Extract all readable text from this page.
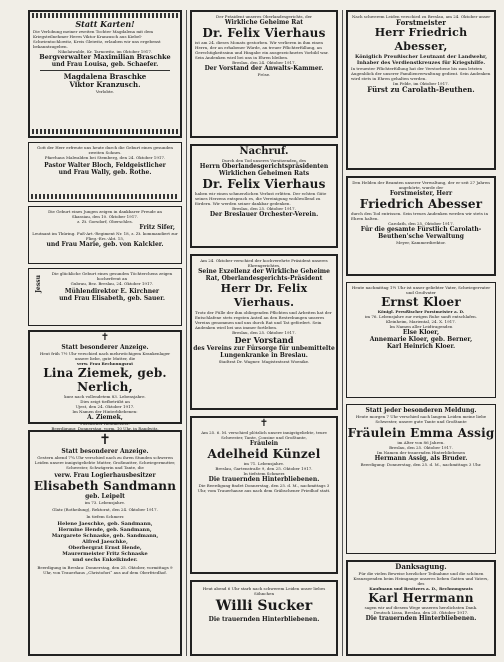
Statt Karten!
Die Verlobung meiner zweiten Tochter Magdalena mit dem Kriegsteilnehmer Herrn Viktor Kranzusch aus Kiebel-Schwientochlowitz, Kreis Gleiwitz, erlauben wir uns ergebenst bekanntzugeben.
Nikolaiwalde, Kr. Tarnowitz, im Oktober 1917.
Bergverwalter Maximilian Braschke
und Frau Louisa, geb. Schaefer.
Magdalena Braschke
Viktor Kranzusch.
Verlobte.
Gott der Herr erfreute uns heute durch die Geburt eines gesunden zweiten Sohnes.
Pfarrhaus Malwalden bei Stemberg, den 24. Oktober 1917.
Pastor Walter Bloch, Feldgeistlicher
und Frau Wally, geb. Rothe.
Die Geburt eines Jungen zeigen in dankbarer Freude an
Skassiau, den 10. Oktober 1917.
z. Zt. Gorsdorf, Oberschles.
Fritz Sifer,
Leutnant im Thüring. Fuß-Art.-Regiment Nr. 18, z. Zt. kommandiert zur Flieg.-Ers.-Abt. 15,
und Frau Marie, geb. von Kalckler.
Jessu
Die glückliche Geburt eines gesunden Töchterchens zeigen hocherfreut an
Gubrau, Bez. Breslau, 24. Oktober 1917.
Mühlendirektor E. Kirchner
und Frau Elisabeth, geb. Sauer.
✝
Statt besonderer Anzeige.
Heut früh 7½ Uhr verschied nach mehrwöchigem Krankenlager unsere liebe, gute Mutter, die
verw. Frau Rechnungsrat
Lina Ziemek, geb. Nerlich,
kurz nach vollendetem 83. Lebensjahre.
Dies zeigt tiefbetrübt an
Ujest, den 24. Oktober 1917.
Im Namen der Hinterbliebenen:
A. Ziemek,
Fürstlicher Rentmeister.
Beerdigung: Donnerstag, vorm. 10 Uhr, in Randwitz.
✝
Statt besonderer Anzeige.
Gestern abend 7¾ Uhr verschied nach zu ihren Stunden schweren Leiden unsere innigstgeliebte Mutter, Großmutter, Schwiegermutter, Schwester, Schwägerin und Tante, die
verw. Frau Logierhausbesitzer
Elisabeth Sandmann
geb. Leipelt
im 73. Lebensjahre.
Glatz (Rotheilung), Rektorat, den 24. Oktober 1917.
In tiefem Schmerz
Helene Jaeschke, geb. Sandmann,
Hermine Hende, geb. Sandmann,
Margarete Schnaske, geb. Sandmann,
Alfred Jaeschke,
Oberbergrat Ernst Hende,
Maurermeister Fritz Schnaske
und sechs Enkelkinder.
Beerdigung in Breslau: Donnerstag, den 25. Oktober, vormittags 9 Uhr, von Trauerhaus „Christofori“ aus auf dem Oberfriedhof.
Der Präsident unseres Oberlandesgerichts, der
Wirkliche Geheime Rat
Dr. Felix Vierhaus
ist am 24. dieses Monats gestorben. Wir verlieren in ihm einen Herrn, der an erhabener Würde, an treuer Pflichterfüllung, an Gerechtigkeitssinn und Hingabe ein ausgezeichnetes Vorbild war. Sein Andenken wird bei uns in Ehren bleiben.
Breslau, den 24. Oktober 1917.
Der Vorstand der Anwalts-Kammer.
Fröse.
Nachruf.
Durch den Tod unseres Vorsitzenden, des
Herrn Oberlandesgerichtspräsidenten Wirklichen Geheimen Rats
Dr. Felix Vierhaus
haben wir einen schmerzlichen Verlust erlitten. Der echten Güte seines Herzens entsprach es, die Vereinigung wohlwollend zu fördern. Wir werden seiner dankbar gedenken.
Breslau, den 25. Oktober 1917.
Der Breslauer Orchester-Verein.
Am 24. Oktober verschied der hochverehrte Präsident unseres Ehrengerichtes,
Seine Exzellenz der Wirkliche Geheime Rat, Oberlandesgerichts-Präsident
Herr Dr. Felix Vierhaus.
Trotz der Fülle der ihm obliegenden Pflichten und Arbeiten hat der Entschlafene stets regsten Anteil an den Bestrebungen unseres Vereins genommen und uns durch Rat und Tat gefördert. Sein Andenken wird bei uns immer fortleben.
Breslau, den 25. Oktober 1917.
Der Vorstand
des Vereins zur Fürsorge für unbemittelte Lungenkranke in Breslau.
Stadtrat Dr. Wagner. Magistratsrat Woenike.
✝
Am 25. 6. M. verschied plötzlich unsere innigstgeliebte, teure Schwester, Tante, Cousine und Großtante,
Fräulein
Adelheid Künzel
im 71. Lebensjahre.
Breslau, Gartenstraße 9, den 25. Oktober 1917.
In tiefstem Schmerz
Die trauernden Hinterbliebenen.
Die Beerdigung findet Donnerstag, den 25. d. M., nachmittags 3 Uhr, vom Trauerhause aus nach dem Gräbschener Friedhof statt.
Heut abend 6 Uhr starb nach schwerem Leiden unser liebes Söhnchen
Willi Sucker
Die trauernden Hinterbliebenen.
Nach schwerem Leiden verschied zu Breslau, am 24. Oktober unser
Forstmeister
Herr Friedrich Abesser,
Königlich Preußischer Leutnant der Landwehr,
Inhaber des Verdienstkreuzes für Kriegshilfe.
In treuester Pflichterfüllung hat der Verstorbene bis zum letzten Augenblick der unserer Familienverwaltung gedient. Sein Andenken wird stets in Ehren gehalten werden.
Im Felde, im Oktober 1917.
Fürst zu Carolath-Beuthen.
Den Helden der Beamten unserer Verwaltung, der er seit 27 Jahren angehörte, wurde der
Forstmeister, Herr
Friedrich Abesser
durch den Tod entrissen. Sein treues Andenken werden wir stets in Ehren halten.
Carolath, den 25. Oktober 1917.
Für die gesamte Fürstlich Carolath-Beuthen'sche Verwaltung
Meyer, Kammerdirektor.
Heute nachmittag 1½ Uhr ist unser geliebter Vater, Schwiegervater und Großvater
Ernst Kloer
Königl. Preußischer Forstmeister a. D.
im 76. Lebensjahre zur ewigen Ruhe sanft entschlafen.
Kleinheim, Mariental, 24. X. 1917.
Im Namen aller Leidtragenden
Else Kloer,
Annemarie Kloer, geb. Berner,
Karl Heinrich Kloer.
Statt jeder besonderen Meldung.
Heute morgen 7 Uhr verschied nach langem Leiden meine liebe Schwester, unsere gute Tante und Großtante
Fräulein Emma Assig
im Alter von 86 Jahren.
Breslau, den 25. Oktober 1917.
Im Namen der trauernden Hinterbliebenen
Hermann Assig, als Bruder.
Beerdigung: Donnerstag, den 25. d. M., nachmittags 3 Uhr.
Danksagung.
Für die vielen Beweise herzlicher Teilnahme und die schönen Kranzspenden beim Heimgange unseres lieben Gatten und Vaters, des
Kaufmann und Besitzers a. D., Rechnungsrats
Karl Herrmann
sagen wir auf diesem Wege unseren herzlichsten Dank.
Deutsch Lissa, Breslau, den 25. Oktober 1917.
Die trauernden Hinterbliebenen.
